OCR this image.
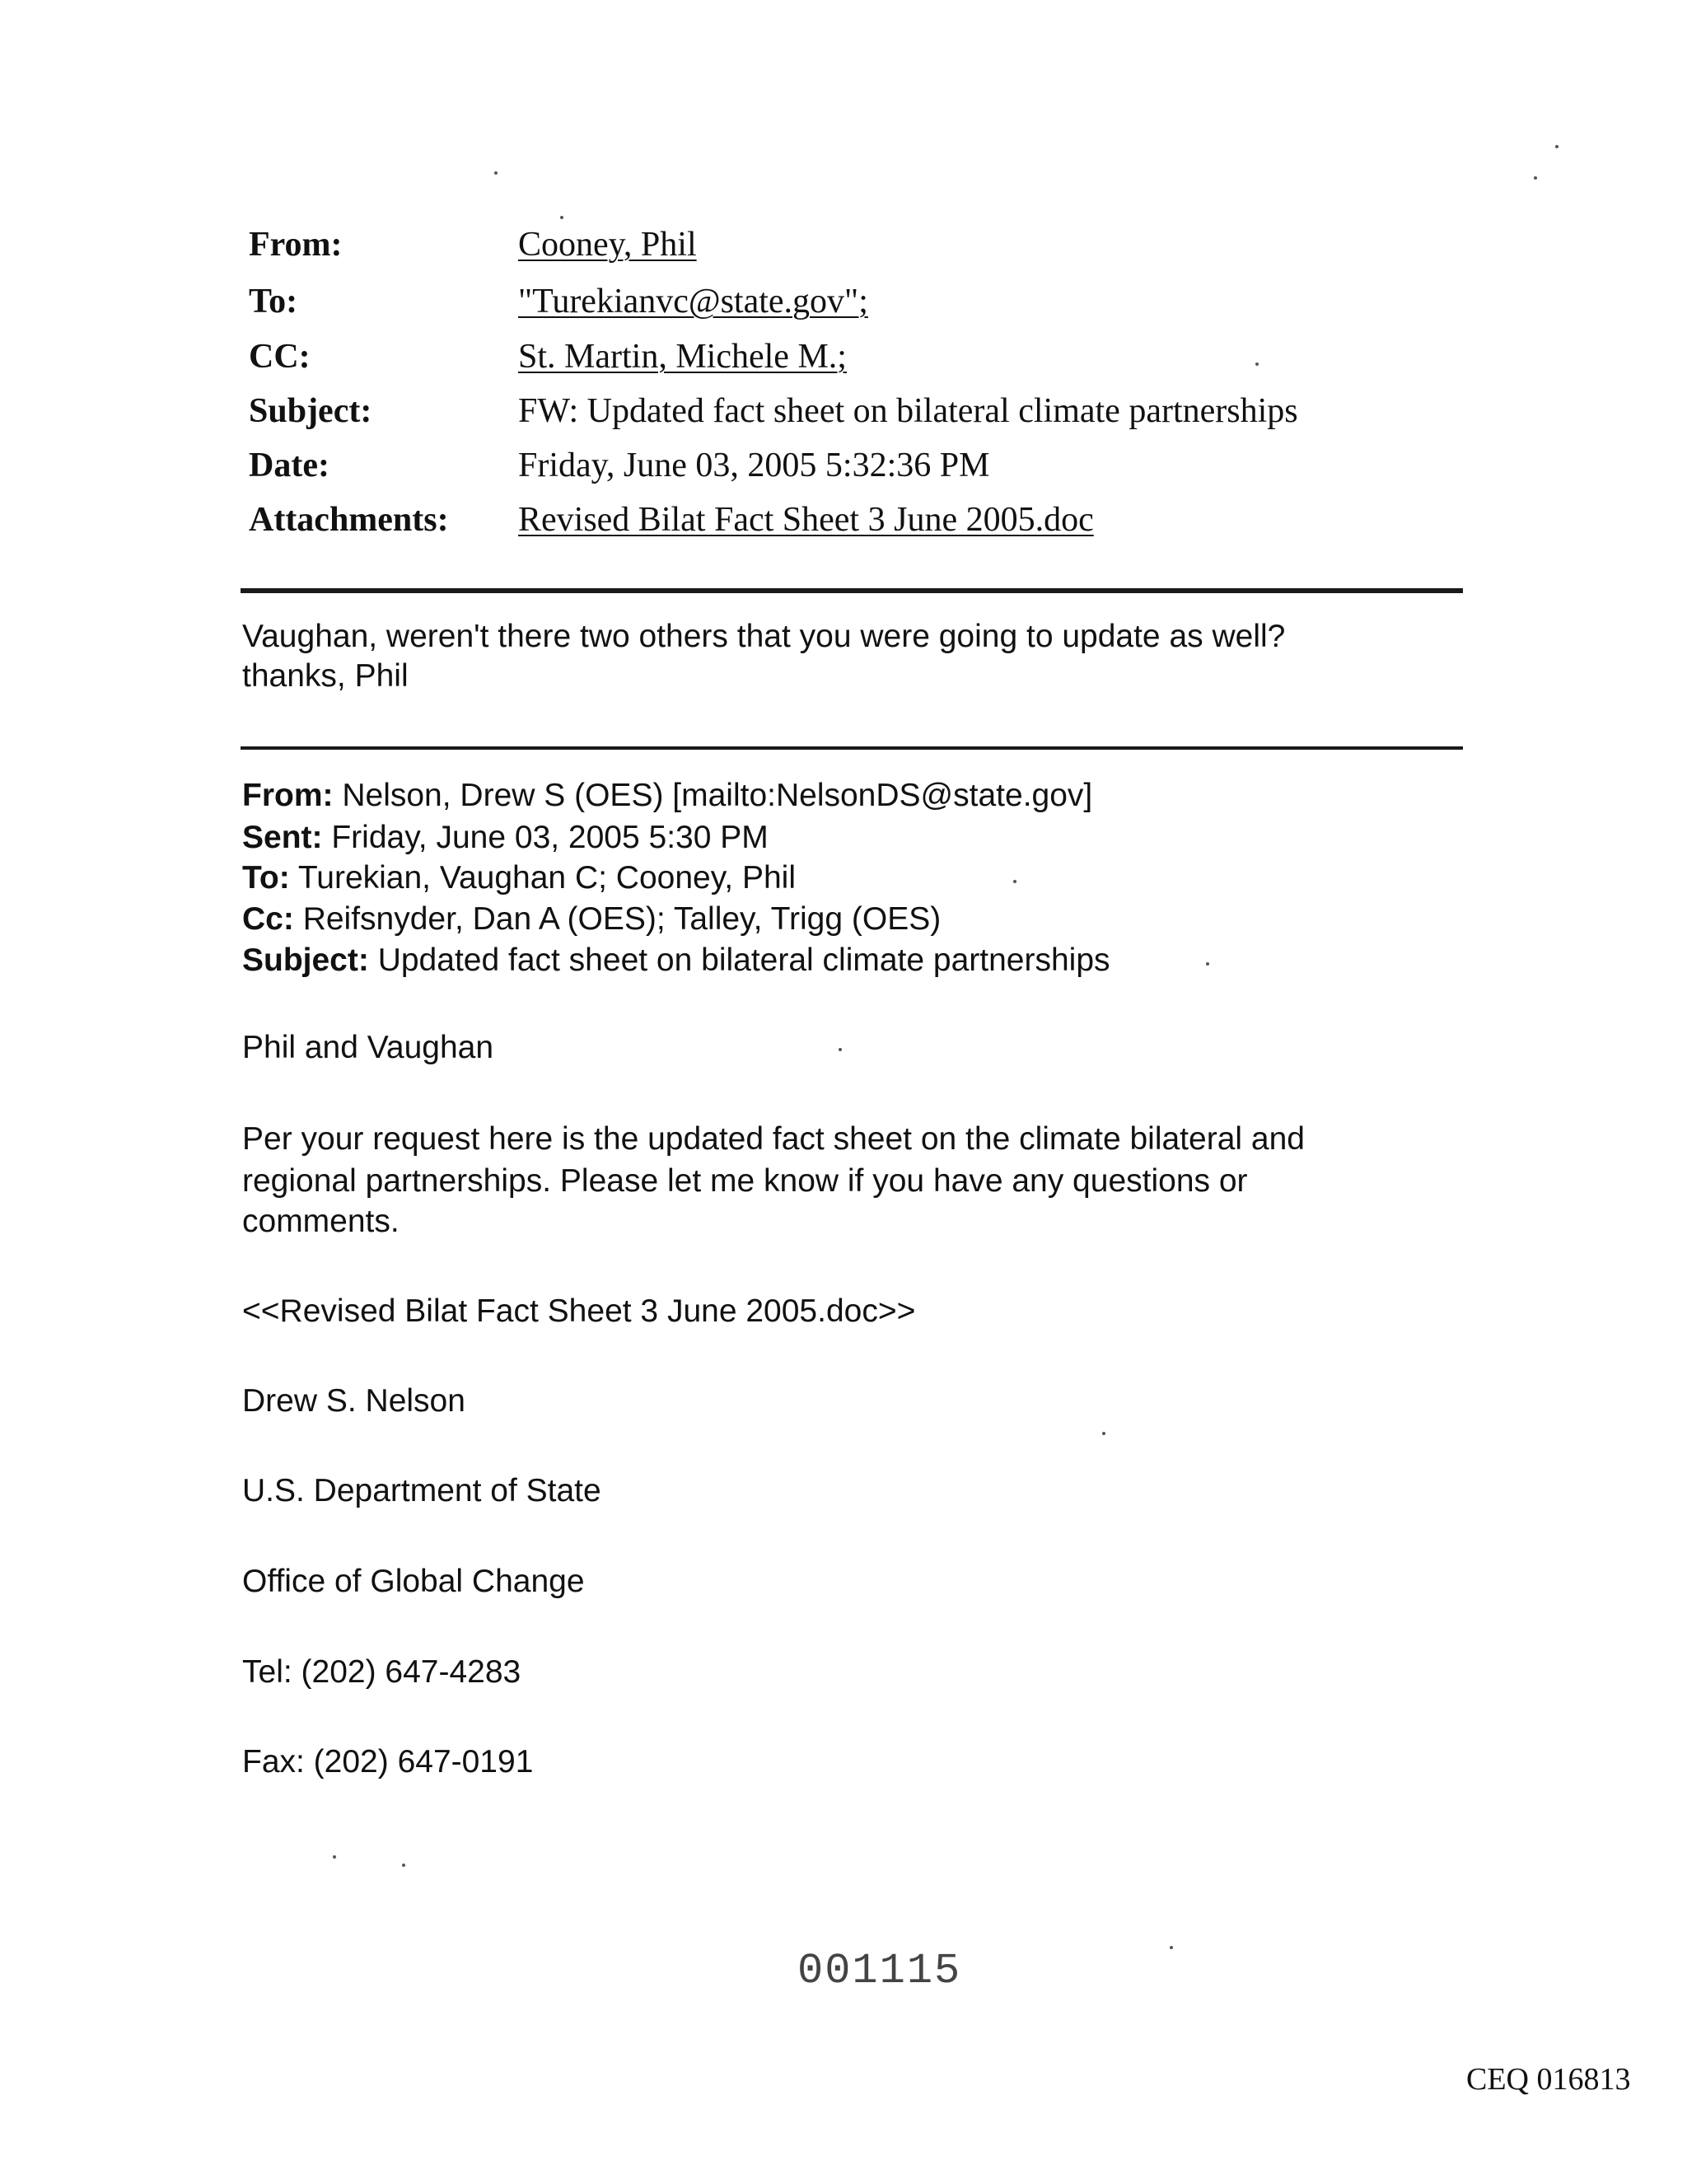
From:	Cooney, Phil
To:	"Turekianvc@state.gov";
CC:	St. Martin, Michele M.;
Subject:	FW: Updated fact sheet on bilateral climate partnerships
Date:	Friday, June 03, 2005 5:32:36 PM
Attachments: Revised Bilat Fact Sheet 3 June 2005.doc
Vaughan, weren't there two others that you were going to update as well?
thanks, Phil
From: Nelson, Drew S (OES) [mailto:NelsonDS@state.gov]
Sent: Friday, June 03, 2005 5:30 PM
To: Turekian, Vaughan C; Cooney, Phil
Cc: Reifsnyder, Dan A (OES); Talley, Trigg (OES)
Subject: Updated fact sheet on bilateral climate partnerships
Phil and Vaughan
Per your request here is the updated fact sheet on the climate bilateral and
regional partnerships. Please let me know if you have any questions or
comments.
<<Revised Bilat Fact Sheet 3 June 2005.doc>>
Drew S. Nelson
U.S. Department of State
Office of Global Change
Tel: (202) 647-4283
Fax: (202) 647-0191
001115
CEQ 016813
